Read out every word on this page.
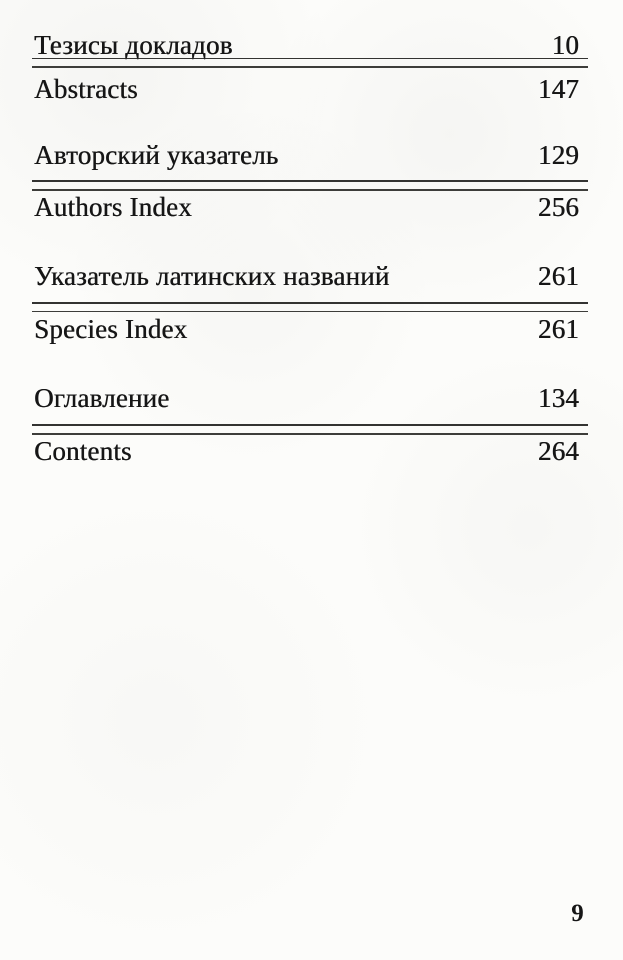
Тезисы докладов	10
Abstracts	147
Авторский указатель	129
Authors Index	256
Указатель латинских названий	261
Species Index	261
Оглавление	134
Contents	264
9
